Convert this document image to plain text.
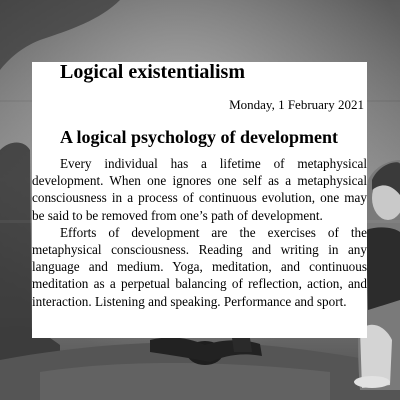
Logical existentialism
Monday, 1 February 2021
A logical psychology of development

Every individual has a lifetime of metaphysical development. When one ignores one self as a metaphysical consciousness in a process of continuous evolution, one may be said to be removed from one’s path of development.

Efforts of development are the exercises of the metaphysical consciousness. Reading and writing in any language and medium. Yoga, meditation, and continuous meditation as a perpetual balancing of reflection, action, and interaction. Listening and speaking. Performance and sport.
